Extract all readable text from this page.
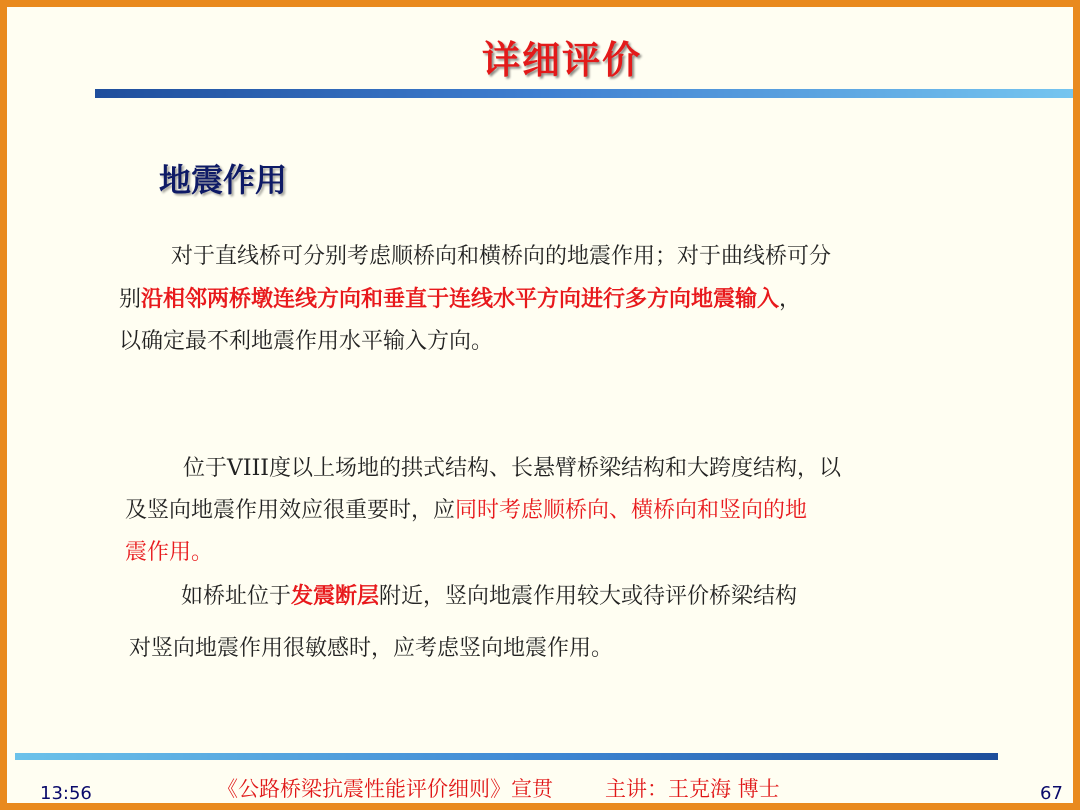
详细评价
地震作用
对于直线桥可分别考虑顺桥向和横桥向的地震作用；对于曲线桥可分
别沿相邻两桥墩连线方向和垂直于连线水平方向进行多方向地震输入，
以确定最不利地震作用水平输入方向。
位于VIII度以上场地的拱式结构、长悬臂桥梁结构和大跨度结构，以
及竖向地震作用效应很重要时，应同时考虑顺桥向、横桥向和竖向的地
震作用。
如桥址位于发震断层附近，竖向地震作用较大或待评价桥梁结构
对竖向地震作用很敏感时，应考虑竖向地震作用。
13:56	《公路桥梁抗震性能评价细则》宣贯 主讲：王克海 博士	67
